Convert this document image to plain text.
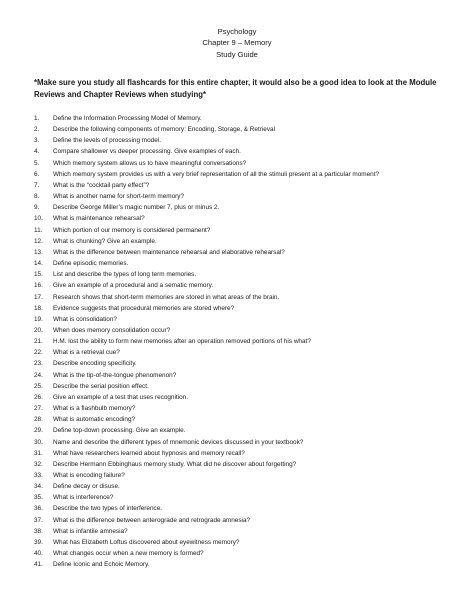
Psychology
Chapter 9 – Memory
Study Guide
*Make sure you study all flashcards for this entire chapter, it would also be a good idea to look at the Module Reviews and Chapter Reviews when studying*
1.	Define the Information Processing Model of Memory.
2.	Describe the following components of memory: Encoding, Storage, & Retrieval
3.	Define the levels of processing model.
4.	Compare shallower vs deeper processing. Give examples of each.
5.	Which memory system allows us to have meaningful conversations?
6.	Which memory system provides us with a very brief representation of all the stimuli present at a particular moment?
7.	What is the “cocktail party effect”?
8.	What is another name for short-term memory?
9.	Describe George Miller’s magic number 7, plus or minus 2.
10.	What is maintenance rehearsal?
11.	Which portion of our memory is considered permanent?
12.	What is chunking? Give an example.
13.	What is the difference between maintenance rehearsal and elaborative rehearsal?
14.	Define episodic memories.
15.	List and describe the types of long term memories.
16.	Give an example of a procedural and a sematic memory.
17.	Research shows that short-term memories are stored in what areas of the brain.
18.	Evidence suggests that procedural memories are stored where?
19.	What is consolidation?
20.	When does memory consolidation occur?
21.	H.M. lost the ability to form new memories after an operation removed portions of his what?
22.	What is a retrieval cue?
23.	Describe encoding specificity.
24.	What is the tip-of-the-tongue phenomenon?
25.	Describe the serial position effect.
26.	Give an example of a test that uses recognition.
27.	What is a flashbulb memory?
28.	What is automatic encoding?
29.	Define top-down processing. Give an example.
30.	Name and describe the different types of mnemonic devices discussed in your textbook?
31.	What have researchers learned about hypnosis and memory recall?
32.	Describe Hermann Ebbinghaus memory study. What did he discover about forgetting?
33.	What is encoding failure?
34.	Define decay or disuse.
35.	What is interference?
36.	Describe the two types of interference.
37.	What is the difference between anterograde and retrograde amnesia?
38.	What is infantile amnesia?
39.	What has Elizabeth Loftus discovered about eyewitness memory?
40.	What changes occur when a new memory is formed?
41.	Define Iconic and Echoic Memory.
